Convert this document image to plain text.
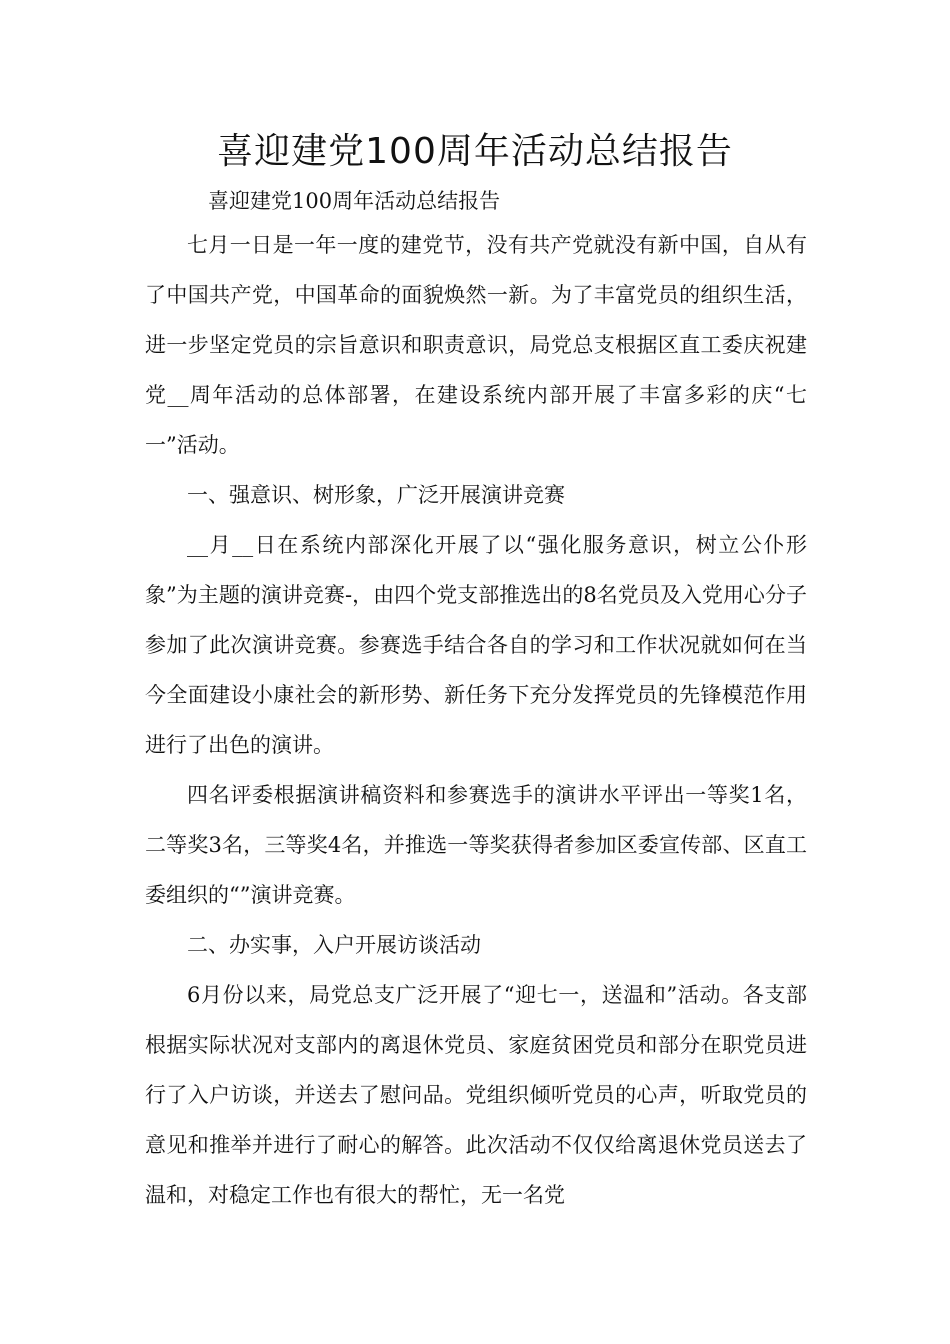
喜迎建党100周年活动总结报告

喜迎建党100周年活动总结报告

七月一日是一年一度的建党节，没有共产党就没有新中国，自从有了中国共产党，中国革命的面貌焕然一新。为了丰富党员的组织生活，进一步坚定党员的宗旨意识和职责意识，局党总支根据区直工委庆祝建党__周年活动的总体部署，在建设系统内部开展了丰富多彩的庆“七一”活动。

一、强意识、树形象，广泛开展演讲竞赛

__月__日在系统内部深化开展了以“强化服务意识，树立公仆形象”为主题的演讲竞赛-，由四个党支部推选出的8名党员及入党用心分子参加了此次演讲竞赛。参赛选手结合各自的学习和工作状况就如何在当今全面建设小康社会的新形势、新任务下充分发挥党员的先锋模范作用进行了出色的演讲。

四名评委根据演讲稿资料和参赛选手的演讲水平评出一等奖1名，二等奖3名，三等奖4名，并推选一等奖获得者参加区委宣传部、区直工委组织的“”演讲竞赛。

二、办实事，入户开展访谈活动

6月份以来，局党总支广泛开展了“迎七一，送温和”活动。各支部根据实际状况对支部内的离退休党员、家庭贫困党员和部分在职党员进行了入户访谈，并送去了慰问品。党组织倾听党员的心声，听取党员的意见和推举并进行了耐心的解答。此次活动不仅仅给离退休党员送去了温和，对稳定工作也有很大的帮忙，无一名党
